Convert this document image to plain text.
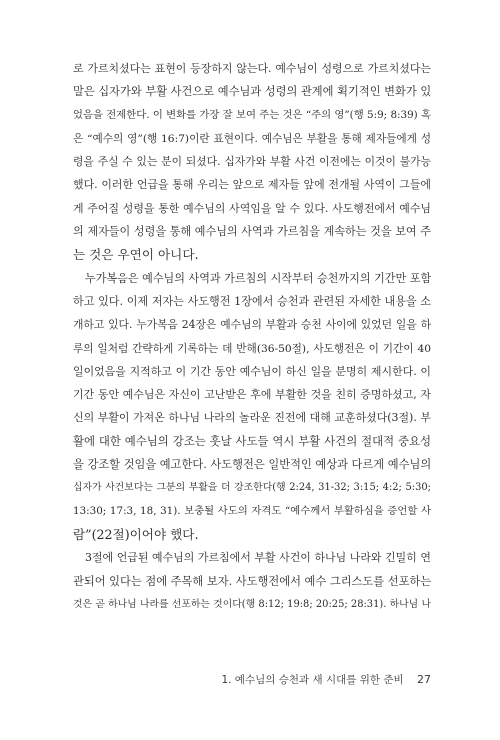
로 가르치셨다는 표현이 등장하지 않는다. 예수님이 성령으로 가르치셨다는
말은 십자가와 부활 사건으로 예수님과 성령의 관계에 획기적인 변화가 있
었음을 전제한다. 이 변화를 가장 잘 보여 주는 것은 “주의 영”(행 5:9; 8:39) 혹
은 “예수의 영”(행 16:7)이란 표현이다. 예수님은 부활을 통해 제자들에게 성
령을 주실 수 있는 분이 되셨다. 십자가와 부활 사건 이전에는 이것이 불가능
했다. 이러한 언급을 통해 우리는 앞으로 제자들 앞에 전개될 사역이 그들에
게 주어질 성령을 통한 예수님의 사역임을 알 수 있다. 사도행전에서 예수님
의 제자들이 성령을 통해 예수님의 사역과 가르침을 계속하는 것을 보여 주
는 것은 우연이 아니다.
누가복음은 예수님의 사역과 가르침의 시작부터 승천까지의 기간만 포함
하고 있다. 이제 저자는 사도행전 1장에서 승천과 관련된 자세한 내용을 소
개하고 있다. 누가복음 24장은 예수님의 부활과 승천 사이에 있었던 일을 하
루의 일처럼 간략하게 기록하는 데 반해(36-50절), 사도행전은 이 기간이 40
일이었음을 지적하고 이 기간 동안 예수님이 하신 일을 분명히 제시한다. 이
기간 동안 예수님은 자신이 고난받은 후에 부활한 것을 친히 증명하셨고, 자
신의 부활이 가져온 하나님 나라의 놀라운 진전에 대해 교훈하셨다(3절). 부
활에 대한 예수님의 강조는 훗날 사도들 역시 부활 사건의 절대적 중요성
을 강조할 것임을 예고한다. 사도행전은 일반적인 예상과 다르게 예수님의
십자가 사건보다는 그분의 부활을 더 강조한다(행 2:24, 31-32; 3:15; 4:2; 5:30;
13:30; 17:3, 18, 31). 보충될 사도의 자격도 “예수께서 부활하심을 증언할 사
람”(22절)이어야 했다.
3절에 언급된 예수님의 가르침에서 부활 사건이 하나님 나라와 긴밀히 연
관되어 있다는 점에 주목해 보자. 사도행전에서 예수 그리스도를 선포하는
것은 곧 하나님 나라를 선포하는 것이다(행 8:12; 19:8; 20:25; 28:31). 하나님 나
1. 예수님의 승천과 새 시대를 위한 준비 27
